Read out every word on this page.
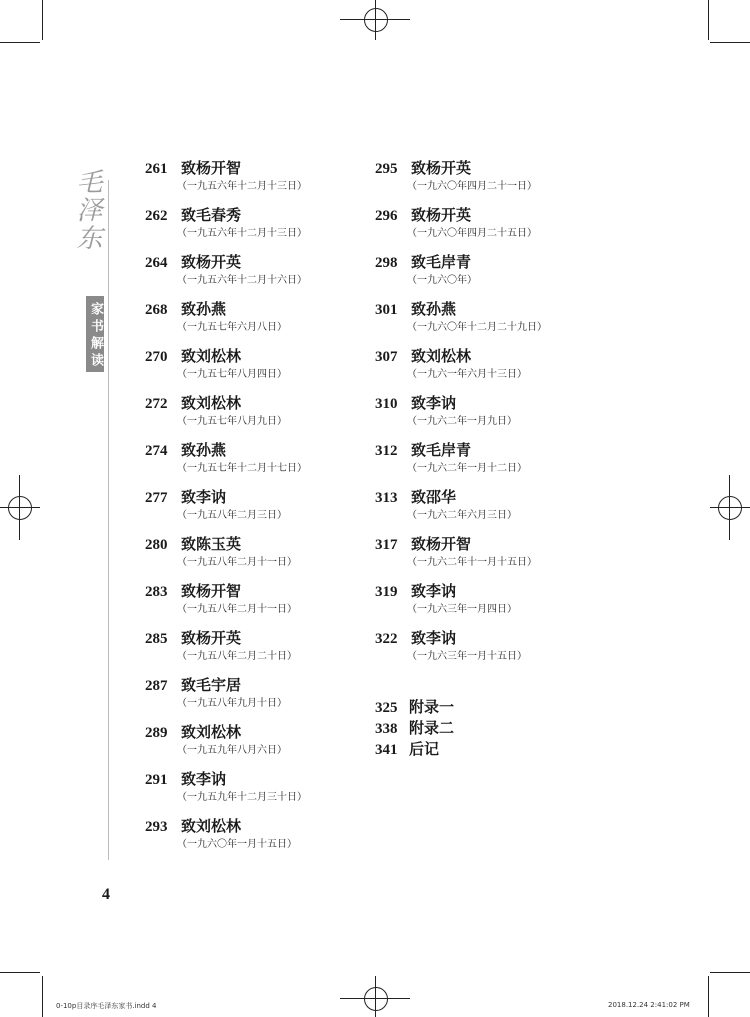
毛泽东
家书解读
261 致杨开智
（一九五六年十二月十三日）
262 致毛春秀
（一九五六年十二月十三日）
264 致杨开英
（一九五六年十二月十六日）
268 致孙燕
（一九五七年六月八日）
270 致刘松林
（一九五七年八月四日）
272 致刘松林
（一九五七年八月九日）
274 致孙燕
（一九五七年十二月十七日）
277 致李讷
（一九五八年二月三日）
280 致陈玉英
（一九五八年二月十一日）
283 致杨开智
（一九五八年二月十一日）
285 致杨开英
（一九五八年二月二十日）
287 致毛宇居
（一九五八年九月十日）
289 致刘松林
（一九五九年八月六日）
291 致李讷
（一九五九年十二月三十日）
293 致刘松林
（一九六〇年一月十五日）
295 致杨开英
（一九六〇年四月二十一日）
296 致杨开英
（一九六〇年四月二十五日）
298 致毛岸青
（一九六〇年）
301 致孙燕
（一九六〇年十二月二十九日）
307 致刘松林
（一九六一年六月十三日）
310 致李讷
（一九六二年一月九日）
312 致毛岸青
（一九六二年一月十二日）
313 致邵华
（一九六二年六月三日）
317 致杨开智
（一九六二年十一月十五日）
319 致李讷
（一九六三年一月四日）
322 致李讷
（一九六三年一月十五日）
325 附录一
338 附录二
341 后记
4
0-10p目录序毛泽东家书.indd 4	2018.12.24 2:41:02 PM
